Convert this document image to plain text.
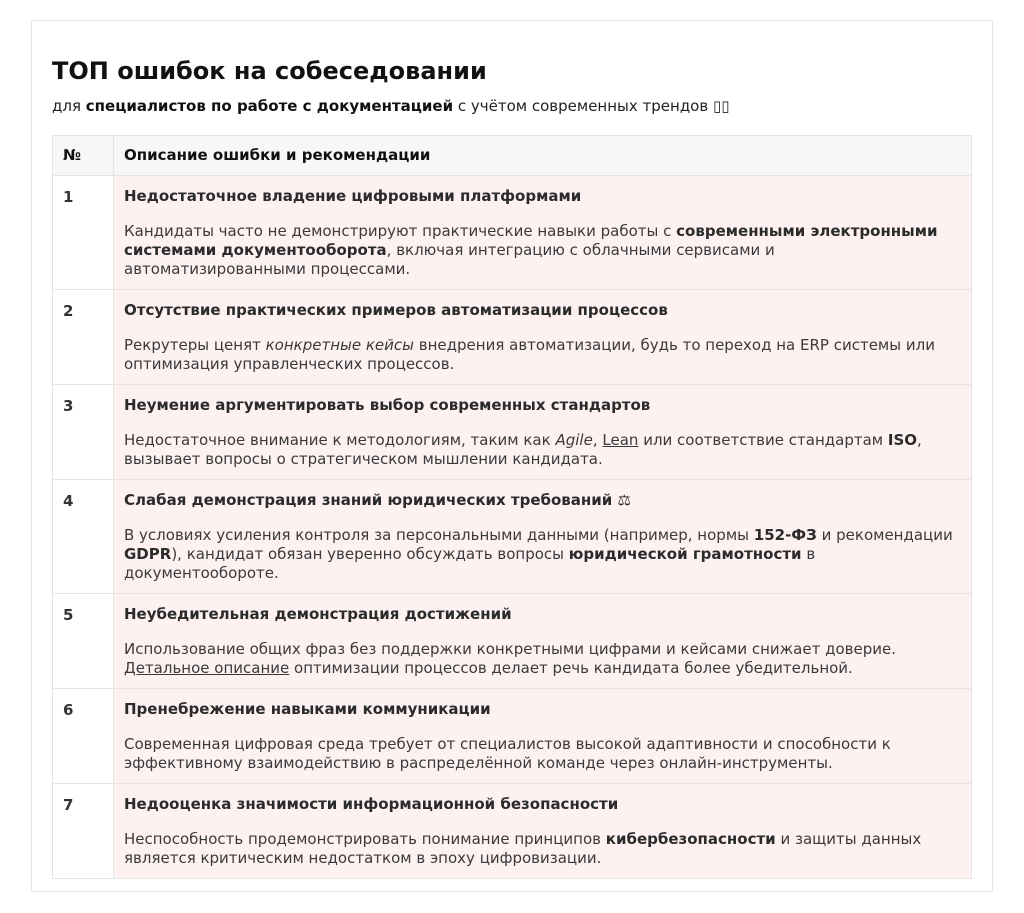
ТОП ошибок на собеседовании

для специалистов по работе с документацией с учётом современных трендов ▯▯

№	Описание ошибки и рекомендации
1	Недостаточное владение цифровыми платформами

Кандидаты часто не демонстрируют практические навыки работы с современными электронными системами документооборота, включая интеграцию с облачными сервисами и автоматизированными процессами.

2	Отсутствие практических примеров автоматизации процессов

Рекрутеры ценят конкретные кейсы внедрения автоматизации, будь то переход на ERP системы или оптимизация управленческих процессов.

3	Неумение аргументировать выбор современных стандартов

Недостаточное внимание к методологиям, таким как Agile, Lean или соответствие стандартам ISO, вызывает вопросы о стратегическом мышлении кандидата.

4	Слабая демонстрация знаний юридических требований ⚖

В условиях усиления контроля за персональными данными (например, нормы 152-ФЗ и рекомендации GDPR), кандидат обязан уверенно обсуждать вопросы юридической грамотности в документообороте.

5	Неубедительная демонстрация достижений

Использование общих фраз без поддержки конкретными цифрами и кейсами снижает доверие. Детальное описание оптимизации процессов делает речь кандидата более убедительной.

6	Пренебрежение навыками коммуникации

Современная цифровая среда требует от специалистов высокой адаптивности и способности к эффективному взаимодействию в распределённой команде через онлайн-инструменты.

7	Недооценка значимости информационной безопасности

Неспособность продемонстрировать понимание принципов кибербезопасности и защиты данных является критическим недостатком в эпоху цифровизации.
